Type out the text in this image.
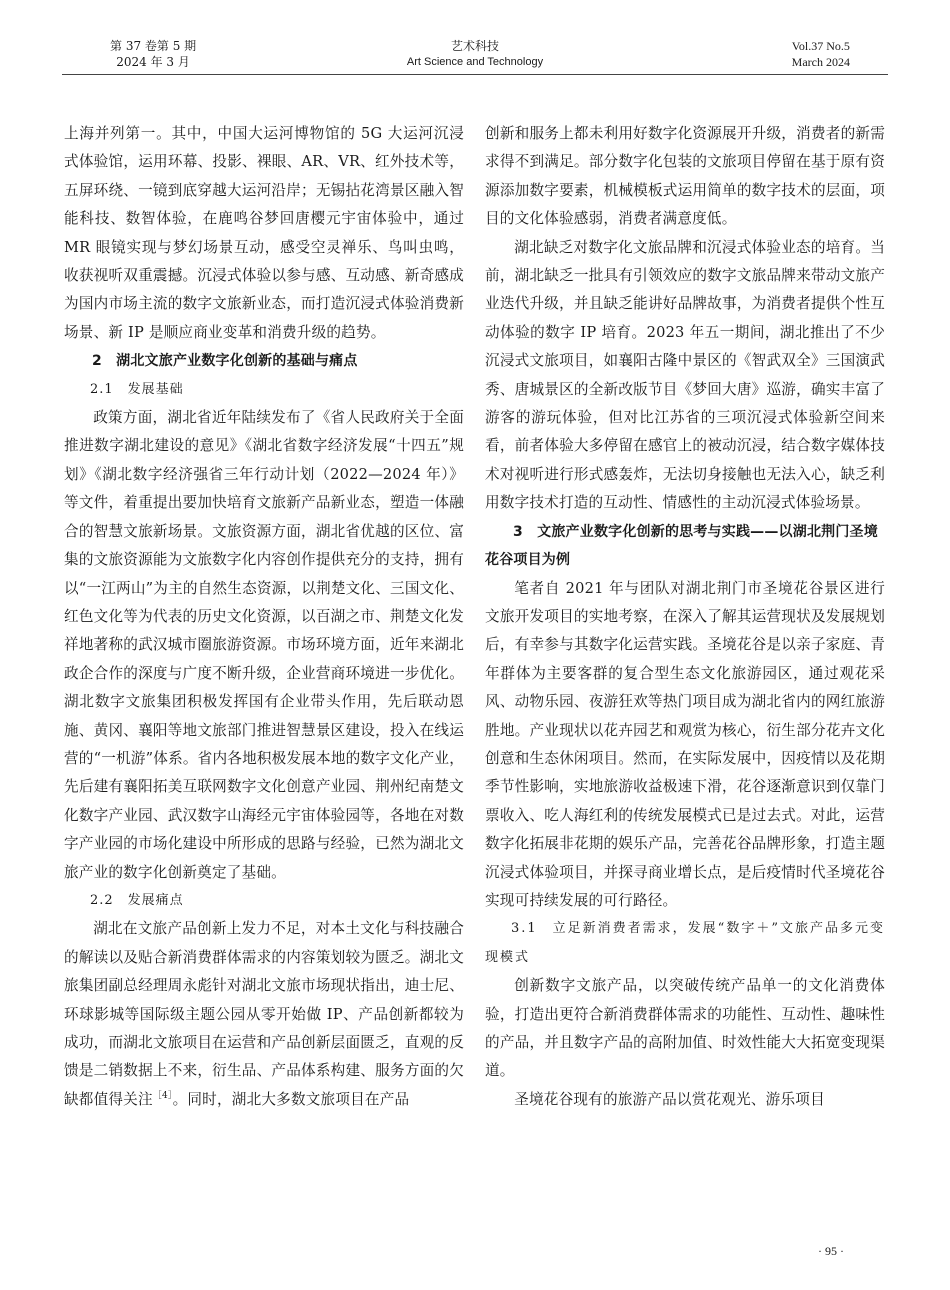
第 37 卷第 5 期
2024 年 3 月
艺术科技
Art Science and Technology
Vol.37 No.5
March 2024

上海并列第一。其中，中国大运河博物馆的 5G 大运河沉浸式体验馆，运用环幕、投影、裸眼、AR、VR、红外技术等，五屏环绕、一镜到底穿越大运河沿岸；无锡拈花湾景区融入智能科技、数智体验，在鹿鸣谷梦回唐樱元宇宙体验中，通过 MR 眼镜实现与梦幻场景互动，感受空灵禅乐、鸟叫虫鸣，收获视听双重震撼。沉浸式体验以参与感、互动感、新奇感成为国内市场主流的数字文旅新业态，而打造沉浸式体验消费新场景、新 IP 是顺应商业变革和消费升级的趋势。

2　湖北文旅产业数字化创新的基础与痛点
2.1　发展基础

政策方面，湖北省近年陆续发布了《省人民政府关于全面推进数字湖北建设的意见》《湖北省数字经济发展“十四五”规划》《湖北数字经济强省三年行动计划（2022—2024 年）》等文件，着重提出要加快培育文旅新产品新业态，塑造一体融合的智慧文旅新场景。文旅资源方面，湖北省优越的区位、富集的文旅资源能为文旅数字化内容创作提供充分的支持，拥有以“一江两山”为主的自然生态资源，以荆楚文化、三国文化、红色文化等为代表的历史文化资源，以百湖之市、荆楚文化发祥地著称的武汉城市圈旅游资源。市场环境方面，近年来湖北政企合作的深度与广度不断升级，企业营商环境进一步优化。湖北数字文旅集团积极发挥国有企业带头作用，先后联动恩施、黄冈、襄阳等地文旅部门推进智慧景区建设，投入在线运营的“一机游”体系。省内各地积极发展本地的数字文化产业，先后建有襄阳拓美互联网数字文化创意产业园、荆州纪南楚文化数字产业园、武汉数字山海经元宇宙体验园等，各地在对数字产业园的市场化建设中所形成的思路与经验，已然为湖北文旅产业的数字化创新奠定了基础。

2.2　发展痛点

湖北在文旅产品创新上发力不足，对本土文化与科技融合的解读以及贴合新消费群体需求的内容策划较为匮乏。湖北文旅集团副总经理周永彪针对湖北文旅市场现状指出，迪士尼、环球影城等国际级主题公园从零开始做 IP、产品创新都较为成功，而湖北文旅项目在运营和产品创新层面匮乏，直观的反馈是二销数据上不来，衍生品、产品体系构建、服务方面的欠缺都值得关注$^{[4]}$。同时，湖北大多数文旅项目在产品

创新和服务上都未利用好数字化资源展开升级，消费者的新需求得不到满足。部分数字化包装的文旅项目停留在基于原有资源添加数字要素，机械模板式运用简单的数字技术的层面，项目的文化体验感弱，消费者满意度低。

湖北缺乏对数字化文旅品牌和沉浸式体验业态的培育。当前，湖北缺乏一批具有引领效应的数字文旅品牌来带动文旅产业迭代升级，并且缺乏能讲好品牌故事，为消费者提供个性互动体验的数字 IP 培育。2023 年五一期间，湖北推出了不少沉浸式文旅项目，如襄阳古隆中景区的《智武双全》三国演武秀、唐城景区的全新改版节目《梦回大唐》巡游，确实丰富了游客的游玩体验，但对比江苏省的三项沉浸式体验新空间来看，前者体验大多停留在感官上的被动沉浸，结合数字媒体技术对视听进行形式感轰炸，无法切身接触也无法入心，缺乏利用数字技术打造的互动性、情感性的主动沉浸式体验场景。

3　文旅产业数字化创新的思考与实践——以湖北荆门圣境花谷项目为例

笔者自 2021 年与团队对湖北荆门市圣境花谷景区进行文旅开发项目的实地考察，在深入了解其运营现状及发展规划后，有幸参与其数字化运营实践。圣境花谷是以亲子家庭、青年群体为主要客群的复合型生态文化旅游园区，通过观花采风、动物乐园、夜游狂欢等热门项目成为湖北省内的网红旅游胜地。产业现状以花卉园艺和观赏为核心，衍生部分花卉文化创意和生态休闲项目。然而，在实际发展中，因疫情以及花期季节性影响，实地旅游收益极速下滑，花谷逐渐意识到仅靠门票收入、吃人海红利的传统发展模式已是过去式。对此，运营数字化拓展非花期的娱乐产品，完善花谷品牌形象，打造主题沉浸式体验项目，并探寻商业增长点，是后疫情时代圣境花谷实现可持续发展的可行路径。

3.1　立足新消费者需求，发展“数字＋”文旅产品多元变现模式

创新数字文旅产品，以突破传统产品单一的文化消费体验，打造出更符合新消费群体需求的功能性、互动性、趣味性的产品，并且数字产品的高附加值、时效性能大大拓宽变现渠道。

圣境花谷现有的旅游产品以赏花观光、游乐项目

· 95 ·
